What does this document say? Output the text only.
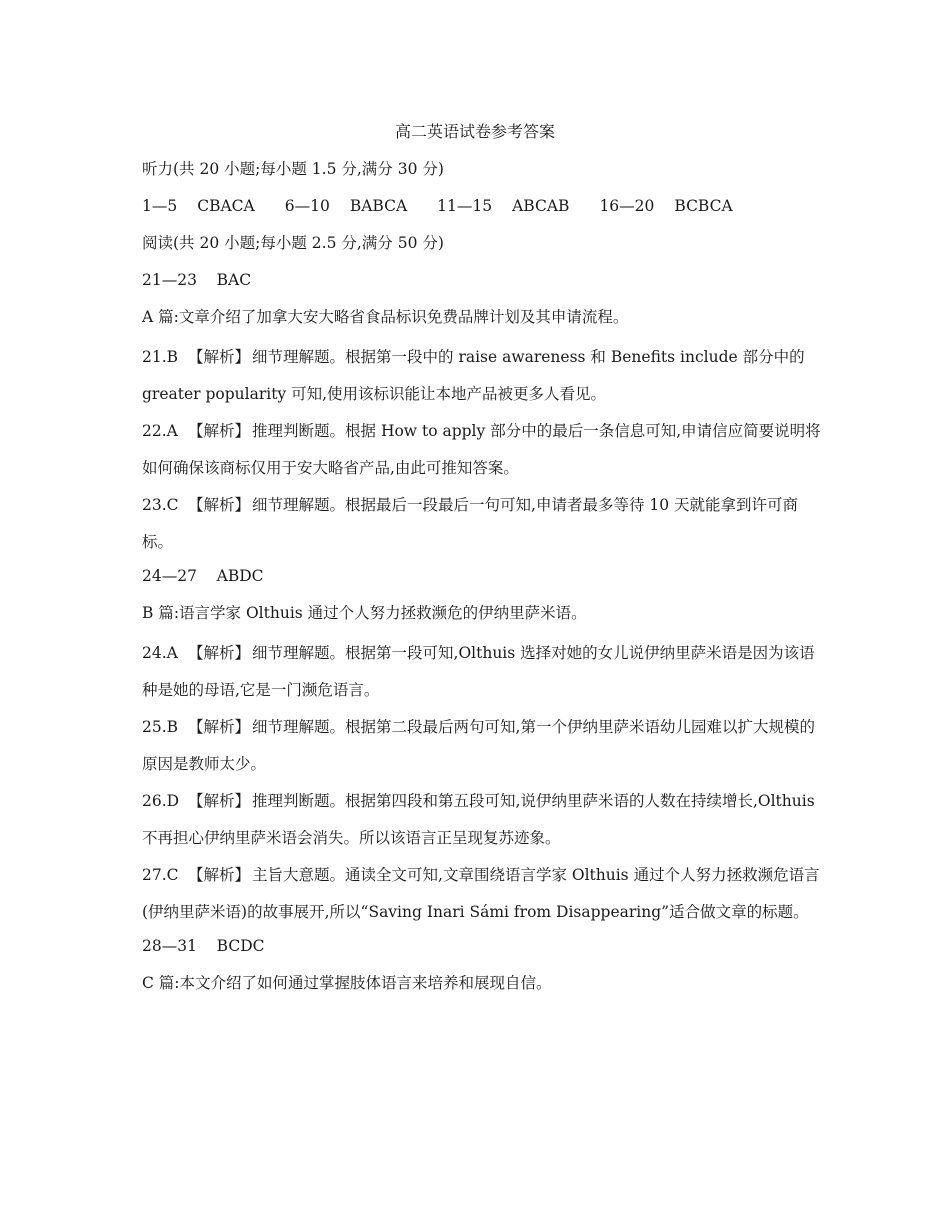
高二英语试卷参考答案
听力(共 20 小题;每小题 1.5 分,满分 30 分)
1—5 CBACA 6—10 BABCA 11—15 ABCAB 16—20 BCBCA
阅读(共 20 小题;每小题 2.5 分,满分 50 分)
21—23    BAC
A 篇:文章介绍了加拿大安大略省食品标识免费品牌计划及其申请流程。
21.B 【解析】 细节理解题。根据第一段中的 raise awareness 和 Benefits include 部分中的 greater popularity 可知,使用该标识能让本地产品被更多人看见。
22.A 【解析】 推理判断题。根据 How to apply 部分中的最后一条信息可知,申请信应简要说明将如何确保该商标仅用于安大略省产品,由此可推知答案。
23.C 【解析】 细节理解题。根据最后一段最后一句可知,申请者最多等待 10 天就能拿到许可商标。
24—27    ABDC
B 篇:语言学家 Olthuis 通过个人努力拯救濒危的伊纳里萨米语。
24.A 【解析】 细节理解题。根据第一段可知,Olthuis 选择对她的女儿说伊纳里萨米语是因为该语种是她的母语,它是一门濒危语言。
25.B 【解析】 细节理解题。根据第二段最后两句可知,第一个伊纳里萨米语幼儿园难以扩大规模的原因是教师太少。
26.D 【解析】 推理判断题。根据第四段和第五段可知,说伊纳里萨米语的人数在持续增长,Olthuis 不再担心伊纳里萨米语会消失。所以该语言正呈现复苏迹象。
27.C 【解析】 主旨大意题。通读全文可知,文章围绕语言学家 Olthuis 通过个人努力拯救濒危语言(伊纳里萨米语)的故事展开,所以“Saving Inari Sámi from Disappearing”适合做文章的标题。
28—31    BCDC
C 篇:本文介绍了如何通过掌握肢体语言来培养和展现自信。
